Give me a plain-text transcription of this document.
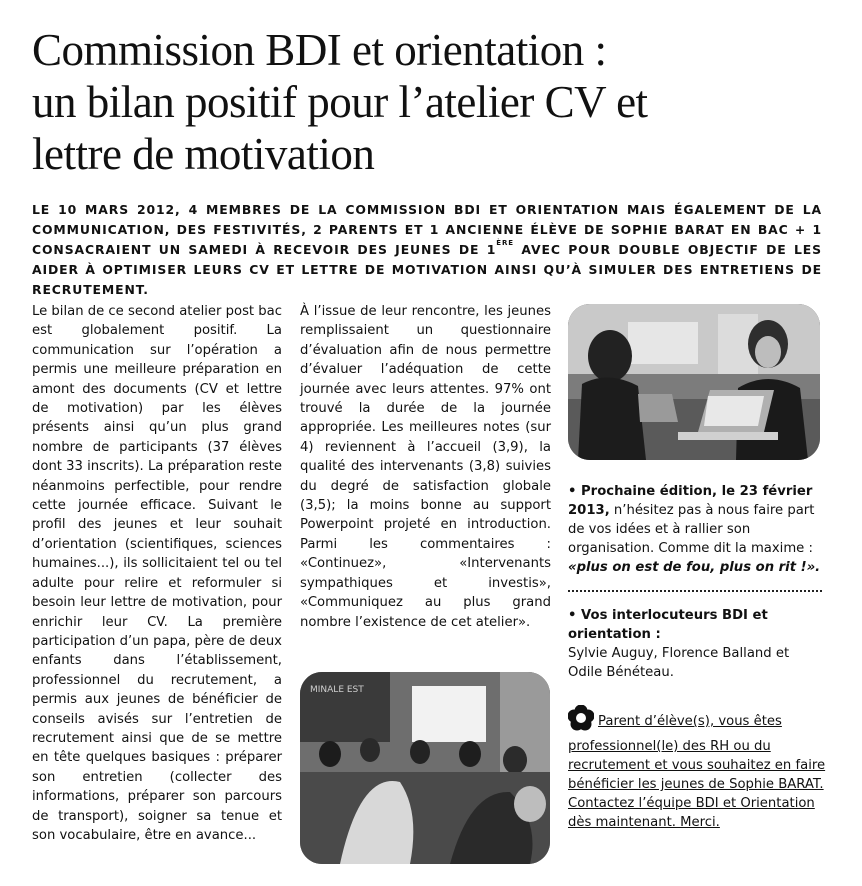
Commission BDI et orientation :
un bilan positif pour l’atelier CV et
lettre de motivation

LE 10 MARS 2012, 4 MEMBRES DE LA COMMISSION BDI ET ORIENTATION MAIS ÉGALEMENT DE LA COMMUNICATION, DES FESTIVITÉS, 2 PARENTS ET 1 ANCIENNE ÉLÈVE DE SOPHIE BARAT EN BAC + 1 CONSACRAIENT UN SAMEDI À RECEVOIR DES JEUNES DE 1ÈRE AVEC POUR DOUBLE OBJECTIF DE LES AIDER À OPTIMISER LEURS CV ET LETTRE DE MOTIVATION AINSI QU’À SIMULER DES ENTRETIENS DE RECRUTEMENT.

Le bilan de ce second atelier post bac est globalement positif. La communication sur l’opération a permis une meilleure préparation en amont des documents (CV et lettre de motivation) par les élèves présents ainsi qu’un plus grand nombre de participants (37 élèves dont 33 inscrits). La préparation reste néanmoins perfectible, pour rendre cette journée efficace. Suivant le profil des jeunes et leur souhait d’orientation (scientifiques, sciences humaines...), ils sollicitaient tel ou tel adulte pour relire et reformuler si besoin leur lettre de motivation, pour enrichir leur CV. La première participation d’un papa, père de deux enfants dans l’établissement, professionnel du recrutement, a permis aux jeunes de bénéficier de conseils avisés sur l’entretien de recrutement ainsi que de se mettre en tête quelques basiques : préparer son entretien (collecter des informations, préparer son parcours de transport), soigner sa tenue et son vocabulaire, être en avance...

À l’issue de leur rencontre, les jeunes remplissaient un questionnaire d’évaluation afin de nous permettre d’évaluer l’adéquation de cette journée avec leurs attentes. 97% ont trouvé la durée de la journée appropriée. Les meilleures notes (sur 4) reviennent à l’accueil (3,9), la qualité des intervenants (3,8) suivies du degré de satisfaction globale (3,5); la moins bonne au support Powerpoint projeté en introduction. Parmi les commentaires : «Continuez», «Intervenants sympathiques et investis», «Communiquez au plus grand nombre l’existence de cet atelier».

MINALE EST

• Prochaine édition, le 23 février 2013, n’hésitez pas à nous faire part de vos idées et à rallier son organisation. Comme dit la maxime : «plus on est de fou, plus on rit !».

• Vos interlocuteurs BDI et orientation :
Sylvie Auguy, Florence Balland et Odile Bénéteau.

Parent d’élève(s), vous êtes professionnel(le) des RH ou du recrutement et vous souhaitez en faire bénéficier les jeunes de Sophie BARAT. Contactez l’équipe BDI et Orientation dès maintenant. Merci.
